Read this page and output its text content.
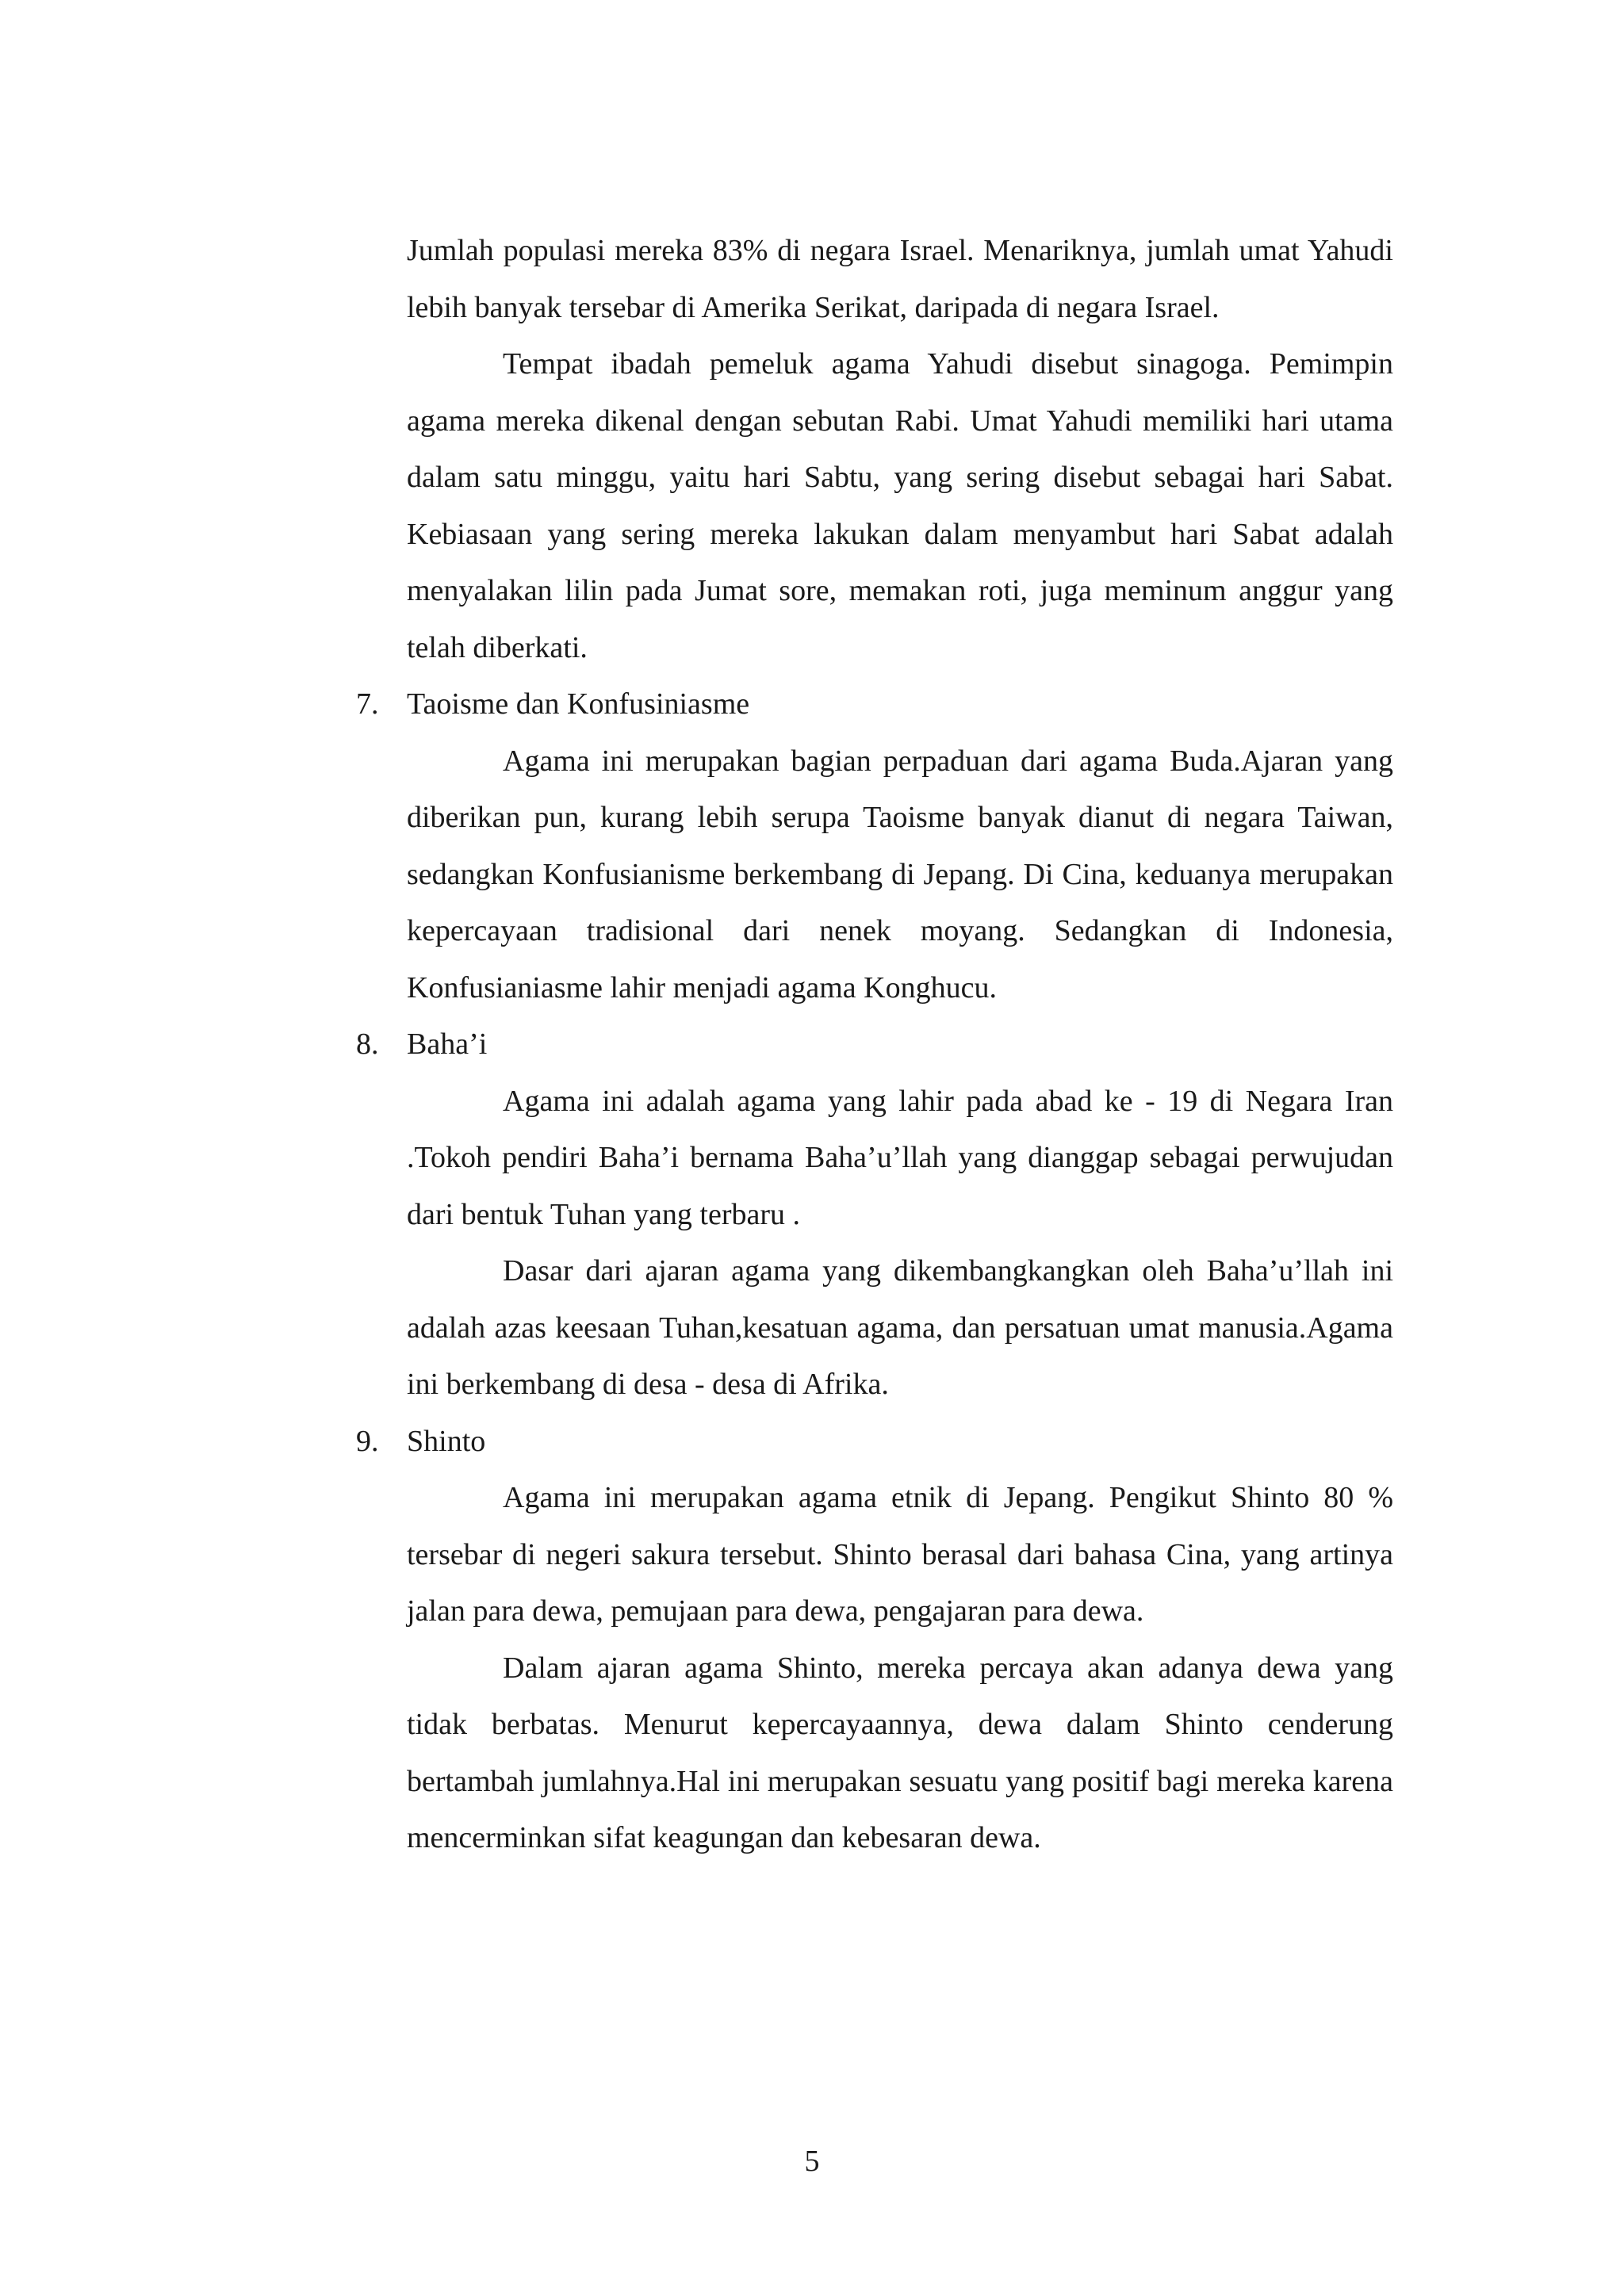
Jumlah populasi mereka 83% di negara Israel. Menariknya, jumlah umat Yahudi lebih banyak tersebar di Amerika Serikat, daripada di negara Israel.

Tempat ibadah pemeluk agama Yahudi disebut sinagoga. Pemimpin agama mereka dikenal dengan sebutan Rabi. Umat Yahudi memiliki hari utama dalam satu minggu, yaitu hari Sabtu, yang sering disebut sebagai hari Sabat. Kebiasaan yang sering mereka lakukan dalam menyambut hari Sabat adalah menyalakan lilin pada Jumat sore, memakan roti, juga meminum anggur yang telah diberkati.

7. Taoisme dan Konfusiniasme

Agama ini merupakan bagian perpaduan dari agama Buda.Ajaran yang diberikan pun, kurang lebih serupa Taoisme banyak dianut di negara Taiwan, sedangkan Konfusianisme berkembang di Jepang. Di Cina, keduanya merupakan kepercayaan tradisional dari nenek moyang. Sedangkan di Indonesia, Konfusianiasme lahir menjadi agama Konghucu.

8. Baha’i

Agama ini adalah agama yang lahir pada abad ke - 19 di Negara Iran .Tokoh pendiri Baha’i bernama Baha’u’llah yang dianggap sebagai perwujudan dari bentuk Tuhan yang terbaru .

Dasar dari ajaran agama yang dikembangkangkan oleh Baha’u’llah ini adalah azas keesaan Tuhan,kesatuan agama, dan persatuan umat manusia.Agama ini berkembang di desa - desa di Afrika.

9. Shinto

Agama ini merupakan agama etnik di Jepang. Pengikut Shinto 80 % tersebar di negeri sakura tersebut. Shinto berasal dari bahasa Cina, yang artinya jalan para dewa, pemujaan para dewa, pengajaran para dewa.

Dalam ajaran agama Shinto, mereka percaya akan adanya dewa yang tidak berbatas. Menurut kepercayaannya, dewa dalam Shinto cenderung bertambah jumlahnya.Hal ini merupakan sesuatu yang positif bagi mereka karena mencerminkan sifat keagungan dan kebesaran dewa.

5
